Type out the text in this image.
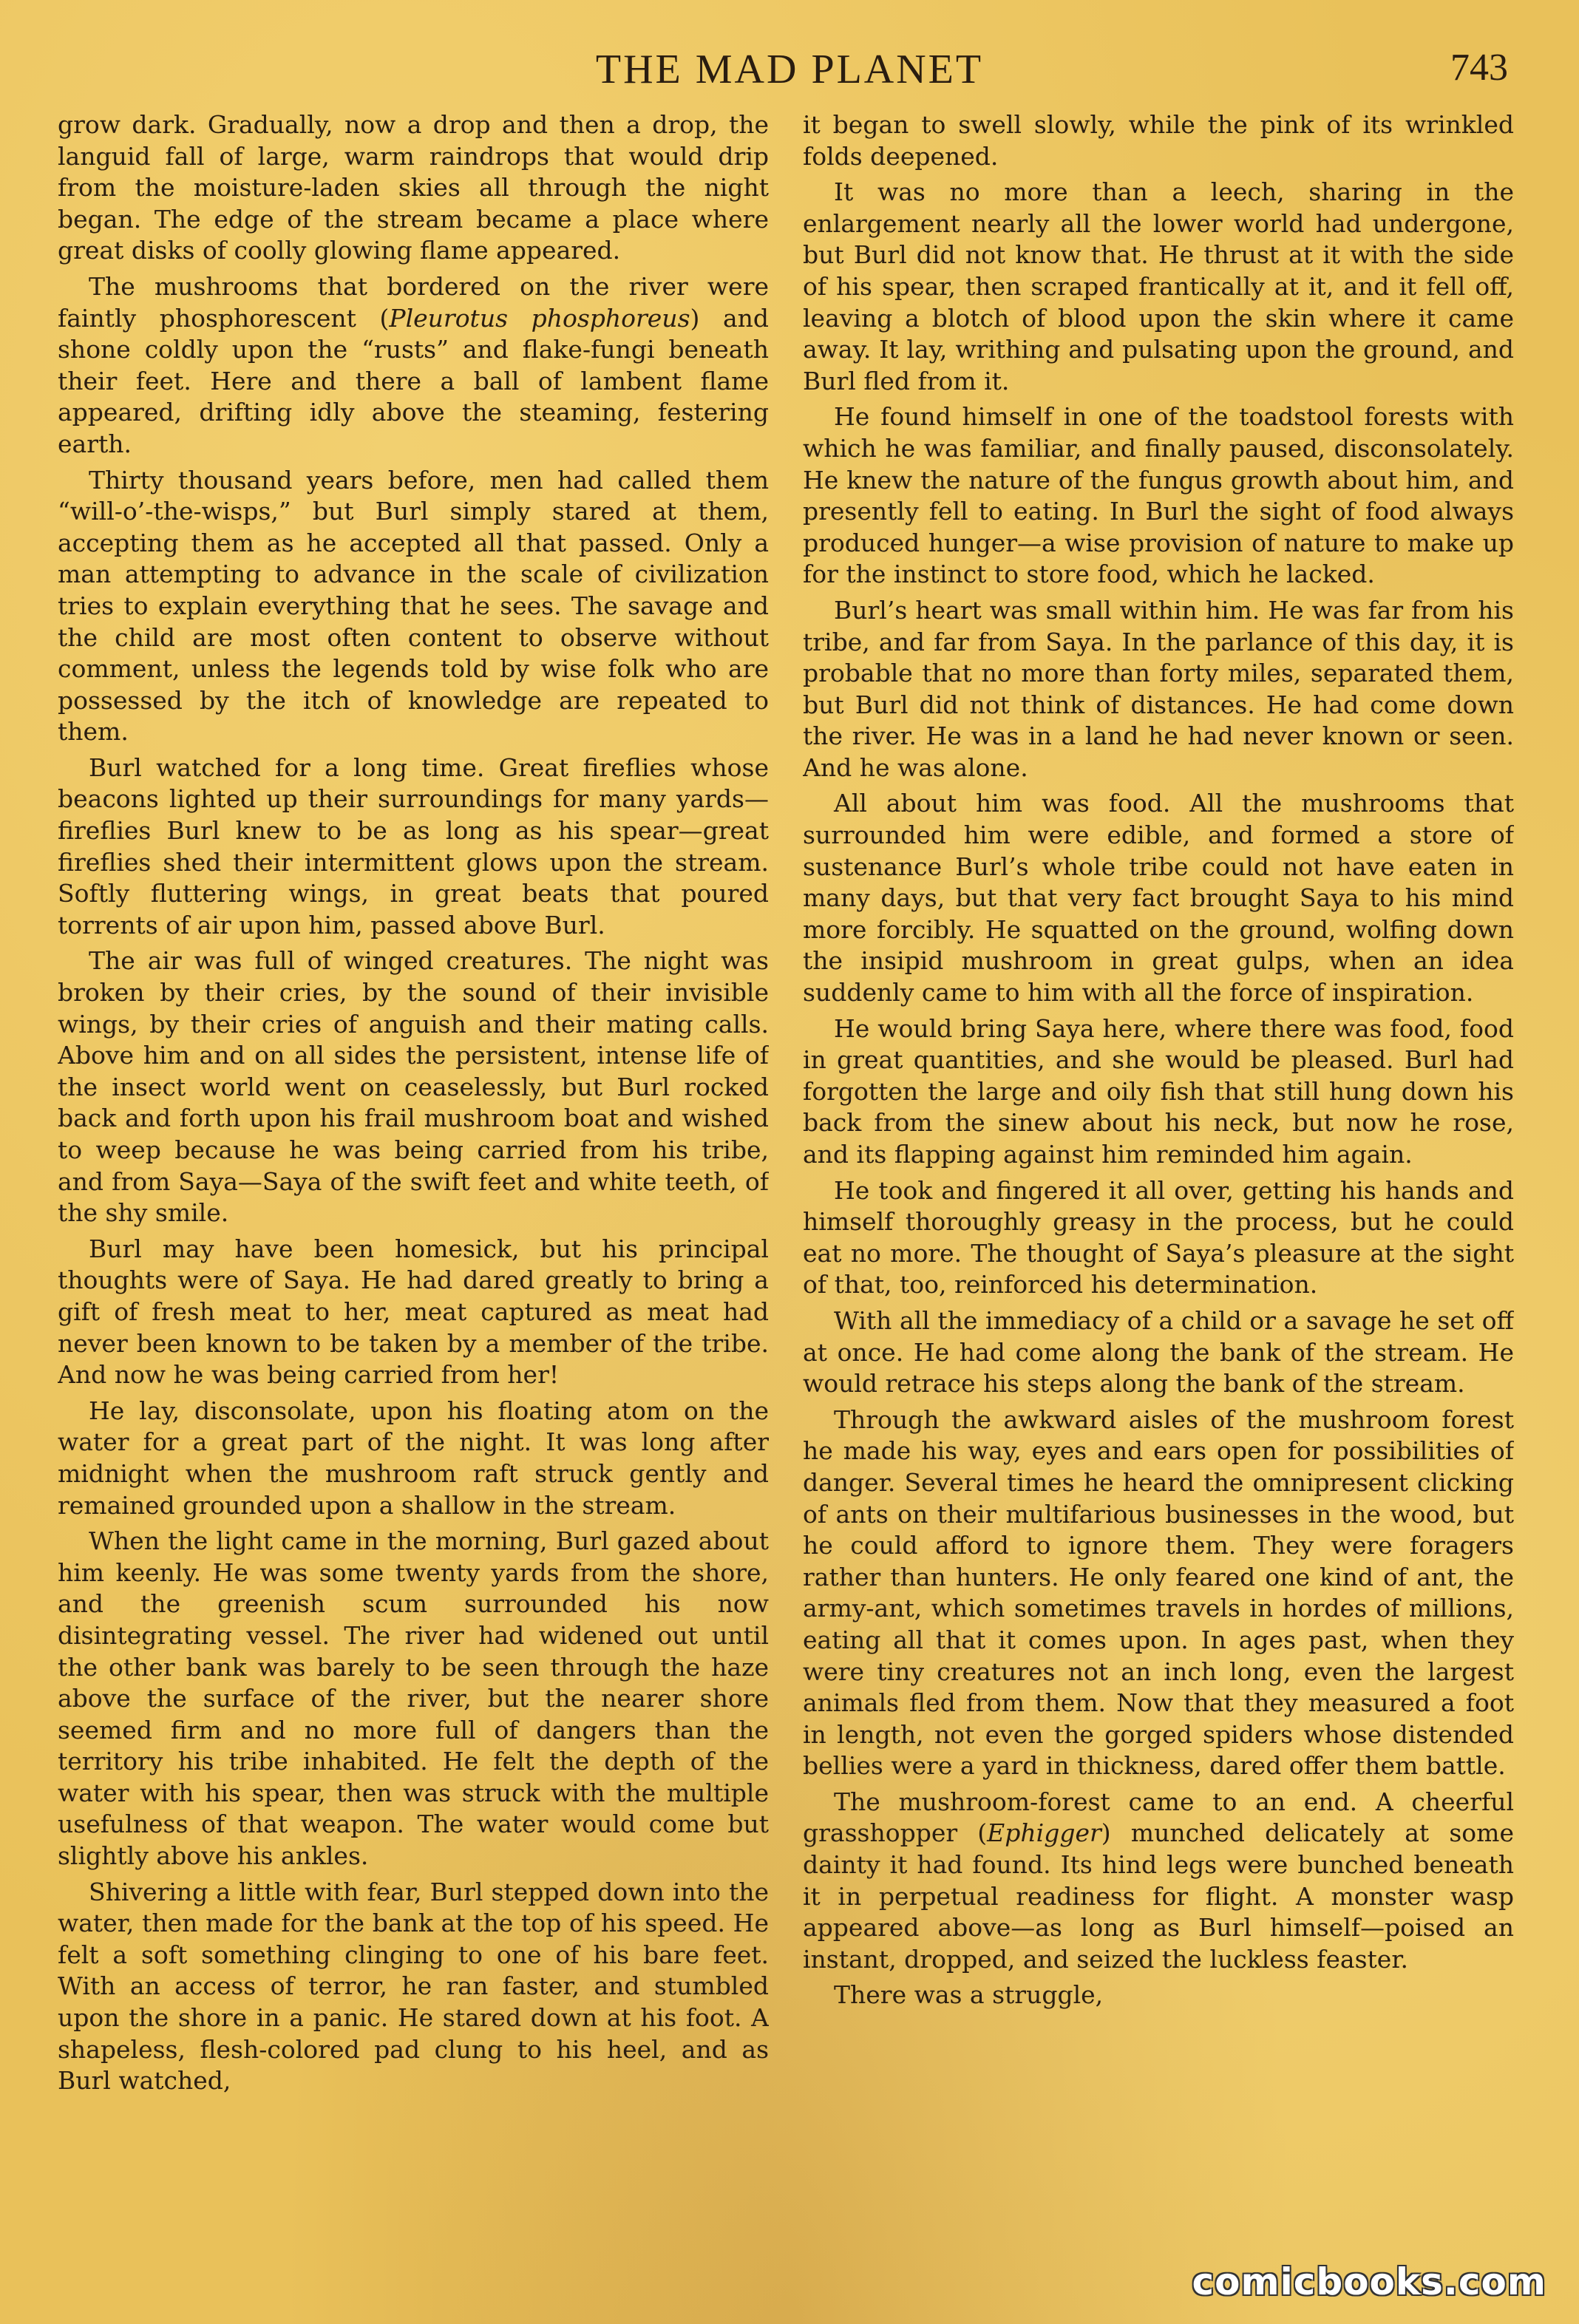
THE MAD PLANET	743

grow dark. Gradually, now a drop and then a drop, the languid fall of large, warm raindrops that would drip from the moisture-laden skies all through the night began. The edge of the stream became a place where great disks of coolly glowing flame appeared.

The mushrooms that bordered on the river were faintly phosphorescent (Pleurotus phosphoreus) and shone coldly upon the “rusts” and flake-fungi beneath their feet. Here and there a ball of lambent flame appeared, drifting idly above the steaming, festering earth.

Thirty thousand years before, men had called them “will-o’-the-wisps,” but Burl simply stared at them, accepting them as he accepted all that passed. Only a man attempting to advance in the scale of civilization tries to explain everything that he sees. The savage and the child are most often content to observe without comment, unless the legends told by wise folk who are possessed by the itch of knowledge are repeated to them.

Burl watched for a long time. Great fireflies whose beacons lighted up their surroundings for many yards—fireflies Burl knew to be as long as his spear—great fireflies shed their intermittent glows upon the stream. Softly fluttering wings, in great beats that poured torrents of air upon him, passed above Burl.

The air was full of winged creatures. The night was broken by their cries, by the sound of their invisible wings, by their cries of anguish and their mating calls. Above him and on all sides the persistent, intense life of the insect world went on ceaselessly, but Burl rocked back and forth upon his frail mushroom boat and wished to weep because he was being carried from his tribe, and from Saya—Saya of the swift feet and white teeth, of the shy smile.

Burl may have been homesick, but his principal thoughts were of Saya. He had dared greatly to bring a gift of fresh meat to her, meat captured as meat had never been known to be taken by a member of the tribe. And now he was being carried from her!

He lay, disconsolate, upon his floating atom on the water for a great part of the night. It was long after midnight when the mushroom raft struck gently and remained grounded upon a shallow in the stream.

When the light came in the morning, Burl gazed about him keenly. He was some twenty yards from the shore, and the greenish scum surrounded his now disintegrating vessel. The river had widened out until the other bank was barely to be seen through the haze above the surface of the river, but the nearer shore seemed firm and no more full of dangers than the territory his tribe inhabited. He felt the depth of the water with his spear, then was struck with the multiple usefulness of that weapon. The water would come but slightly above his ankles.

Shivering a little with fear, Burl stepped down into the water, then made for the bank at the top of his speed. He felt a soft something clinging to one of his bare feet. With an access of terror, he ran faster, and stumbled upon the shore in a panic. He stared down at his foot. A shapeless, flesh-colored pad clung to his heel, and as Burl watched,

it began to swell slowly, while the pink of its wrinkled folds deepened.

It was no more than a leech, sharing in the enlargement nearly all the lower world had undergone, but Burl did not know that. He thrust at it with the side of his spear, then scraped frantically at it, and it fell off, leaving a blotch of blood upon the skin where it came away. It lay, writhing and pulsating upon the ground, and Burl fled from it.

He found himself in one of the toadstool forests with which he was familiar, and finally paused, disconsolately. He knew the nature of the fungus growth about him, and presently fell to eating. In Burl the sight of food always produced hunger—a wise provision of nature to make up for the instinct to store food, which he lacked.

Burl’s heart was small within him. He was far from his tribe, and far from Saya. In the parlance of this day, it is probable that no more than forty miles, separated them, but Burl did not think of distances. He had come down the river. He was in a land he had never known or seen. And he was alone.

All about him was food. All the mushrooms that surrounded him were edible, and formed a store of sustenance Burl’s whole tribe could not have eaten in many days, but that very fact brought Saya to his mind more forcibly. He squatted on the ground, wolfing down the insipid mushroom in great gulps, when an idea suddenly came to him with all the force of inspiration.

He would bring Saya here, where there was food, food in great quantities, and she would be pleased. Burl had forgotten the large and oily fish that still hung down his back from the sinew about his neck, but now he rose, and its flapping against him reminded him again.

He took and fingered it all over, getting his hands and himself thoroughly greasy in the process, but he could eat no more. The thought of Saya’s pleasure at the sight of that, too, reinforced his determination.

With all the immediacy of a child or a savage he set off at once. He had come along the bank of the stream. He would retrace his steps along the bank of the stream.

Through the awkward aisles of the mushroom forest he made his way, eyes and ears open for possibilities of danger. Several times he heard the omnipresent clicking of ants on their multifarious businesses in the wood, but he could afford to ignore them. They were foragers rather than hunters. He only feared one kind of ant, the army-ant, which sometimes travels in hordes of millions, eating all that it comes upon. In ages past, when they were tiny creatures not an inch long, even the largest animals fled from them. Now that they measured a foot in length, not even the gorged spiders whose distended bellies were a yard in thickness, dared offer them battle.

The mushroom-forest came to an end. A cheerful grasshopper (Ephigger) munched delicately at some dainty it had found. Its hind legs were bunched beneath it in perpetual readiness for flight. A monster wasp appeared above—as long as Burl himself—poised an instant, dropped, and seized the luckless feaster.

There was a struggle,

comicbooks.com
